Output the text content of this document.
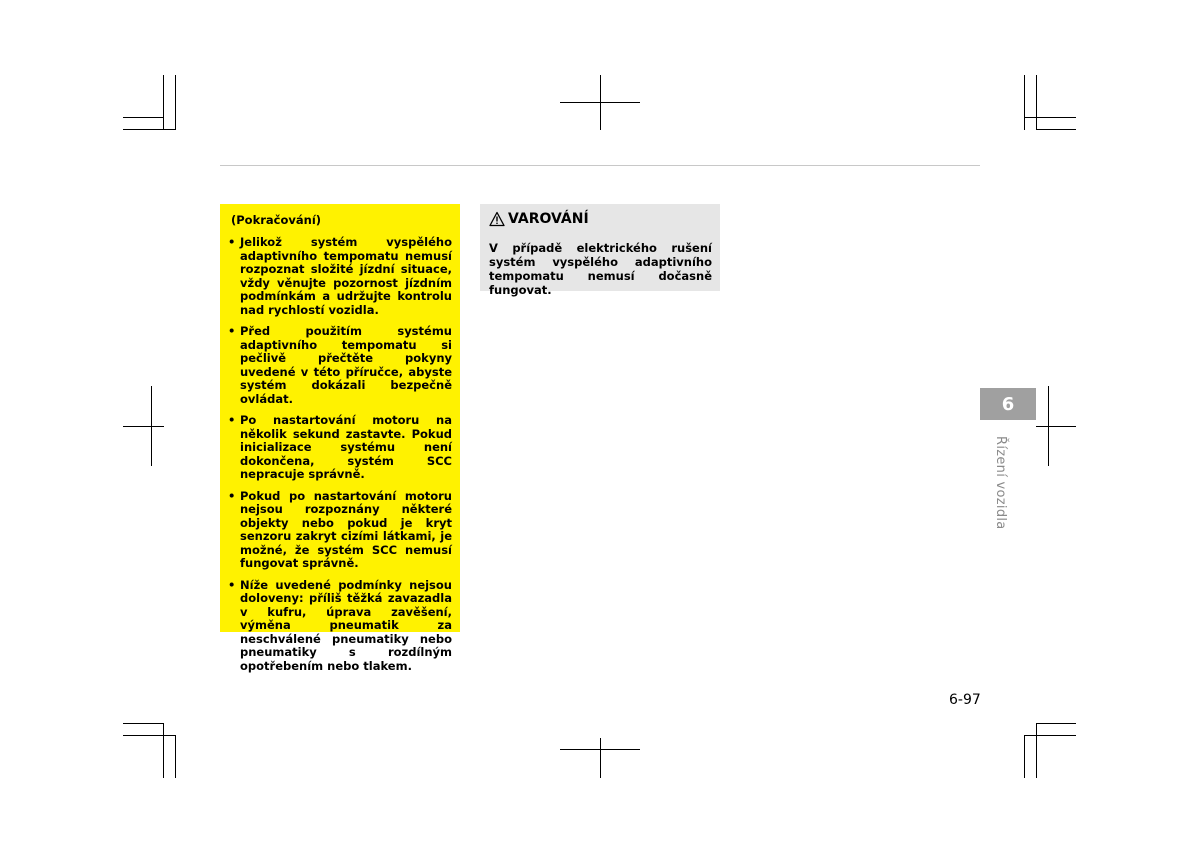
(Pokračování)
• Jelikož systém vyspělého adaptivního tempomatu nemusí rozpoznat složité jízdní situace, vždy věnujte pozornost jízdním podmínkám a udržujte kontrolu nad rychlostí vozidla.
• Před použitím systému adaptivního tempomatu si pečlivě přečtěte pokyny uvedené v této příručce, abyste systém dokázali bezpečně ovládat.
• Po nastartování motoru na několik sekund zastavte. Pokud inicializace systému není dokončena, systém SCC nepracuje správně.
• Pokud po nastartování motoru nejsou rozpoznány některé objekty nebo pokud je kryt senzoru zakryt cizími látkami, je možné, že systém SCC nemusí fungovat správně.
• Níže uvedené podmínky nejsou doloveny: příliš těžká zavazadla v kufru, úprava zavěšení, výměna pneumatik za neschválené pneumatiky nebo pneumatiky s rozdílným opotřebením nebo tlakem.
VAROVÁNÍ
V případě elektrického rušení systém vyspělého adaptivního tempomatu nemusí dočasně fungovat.
6
Řízení vozidla
6-97
